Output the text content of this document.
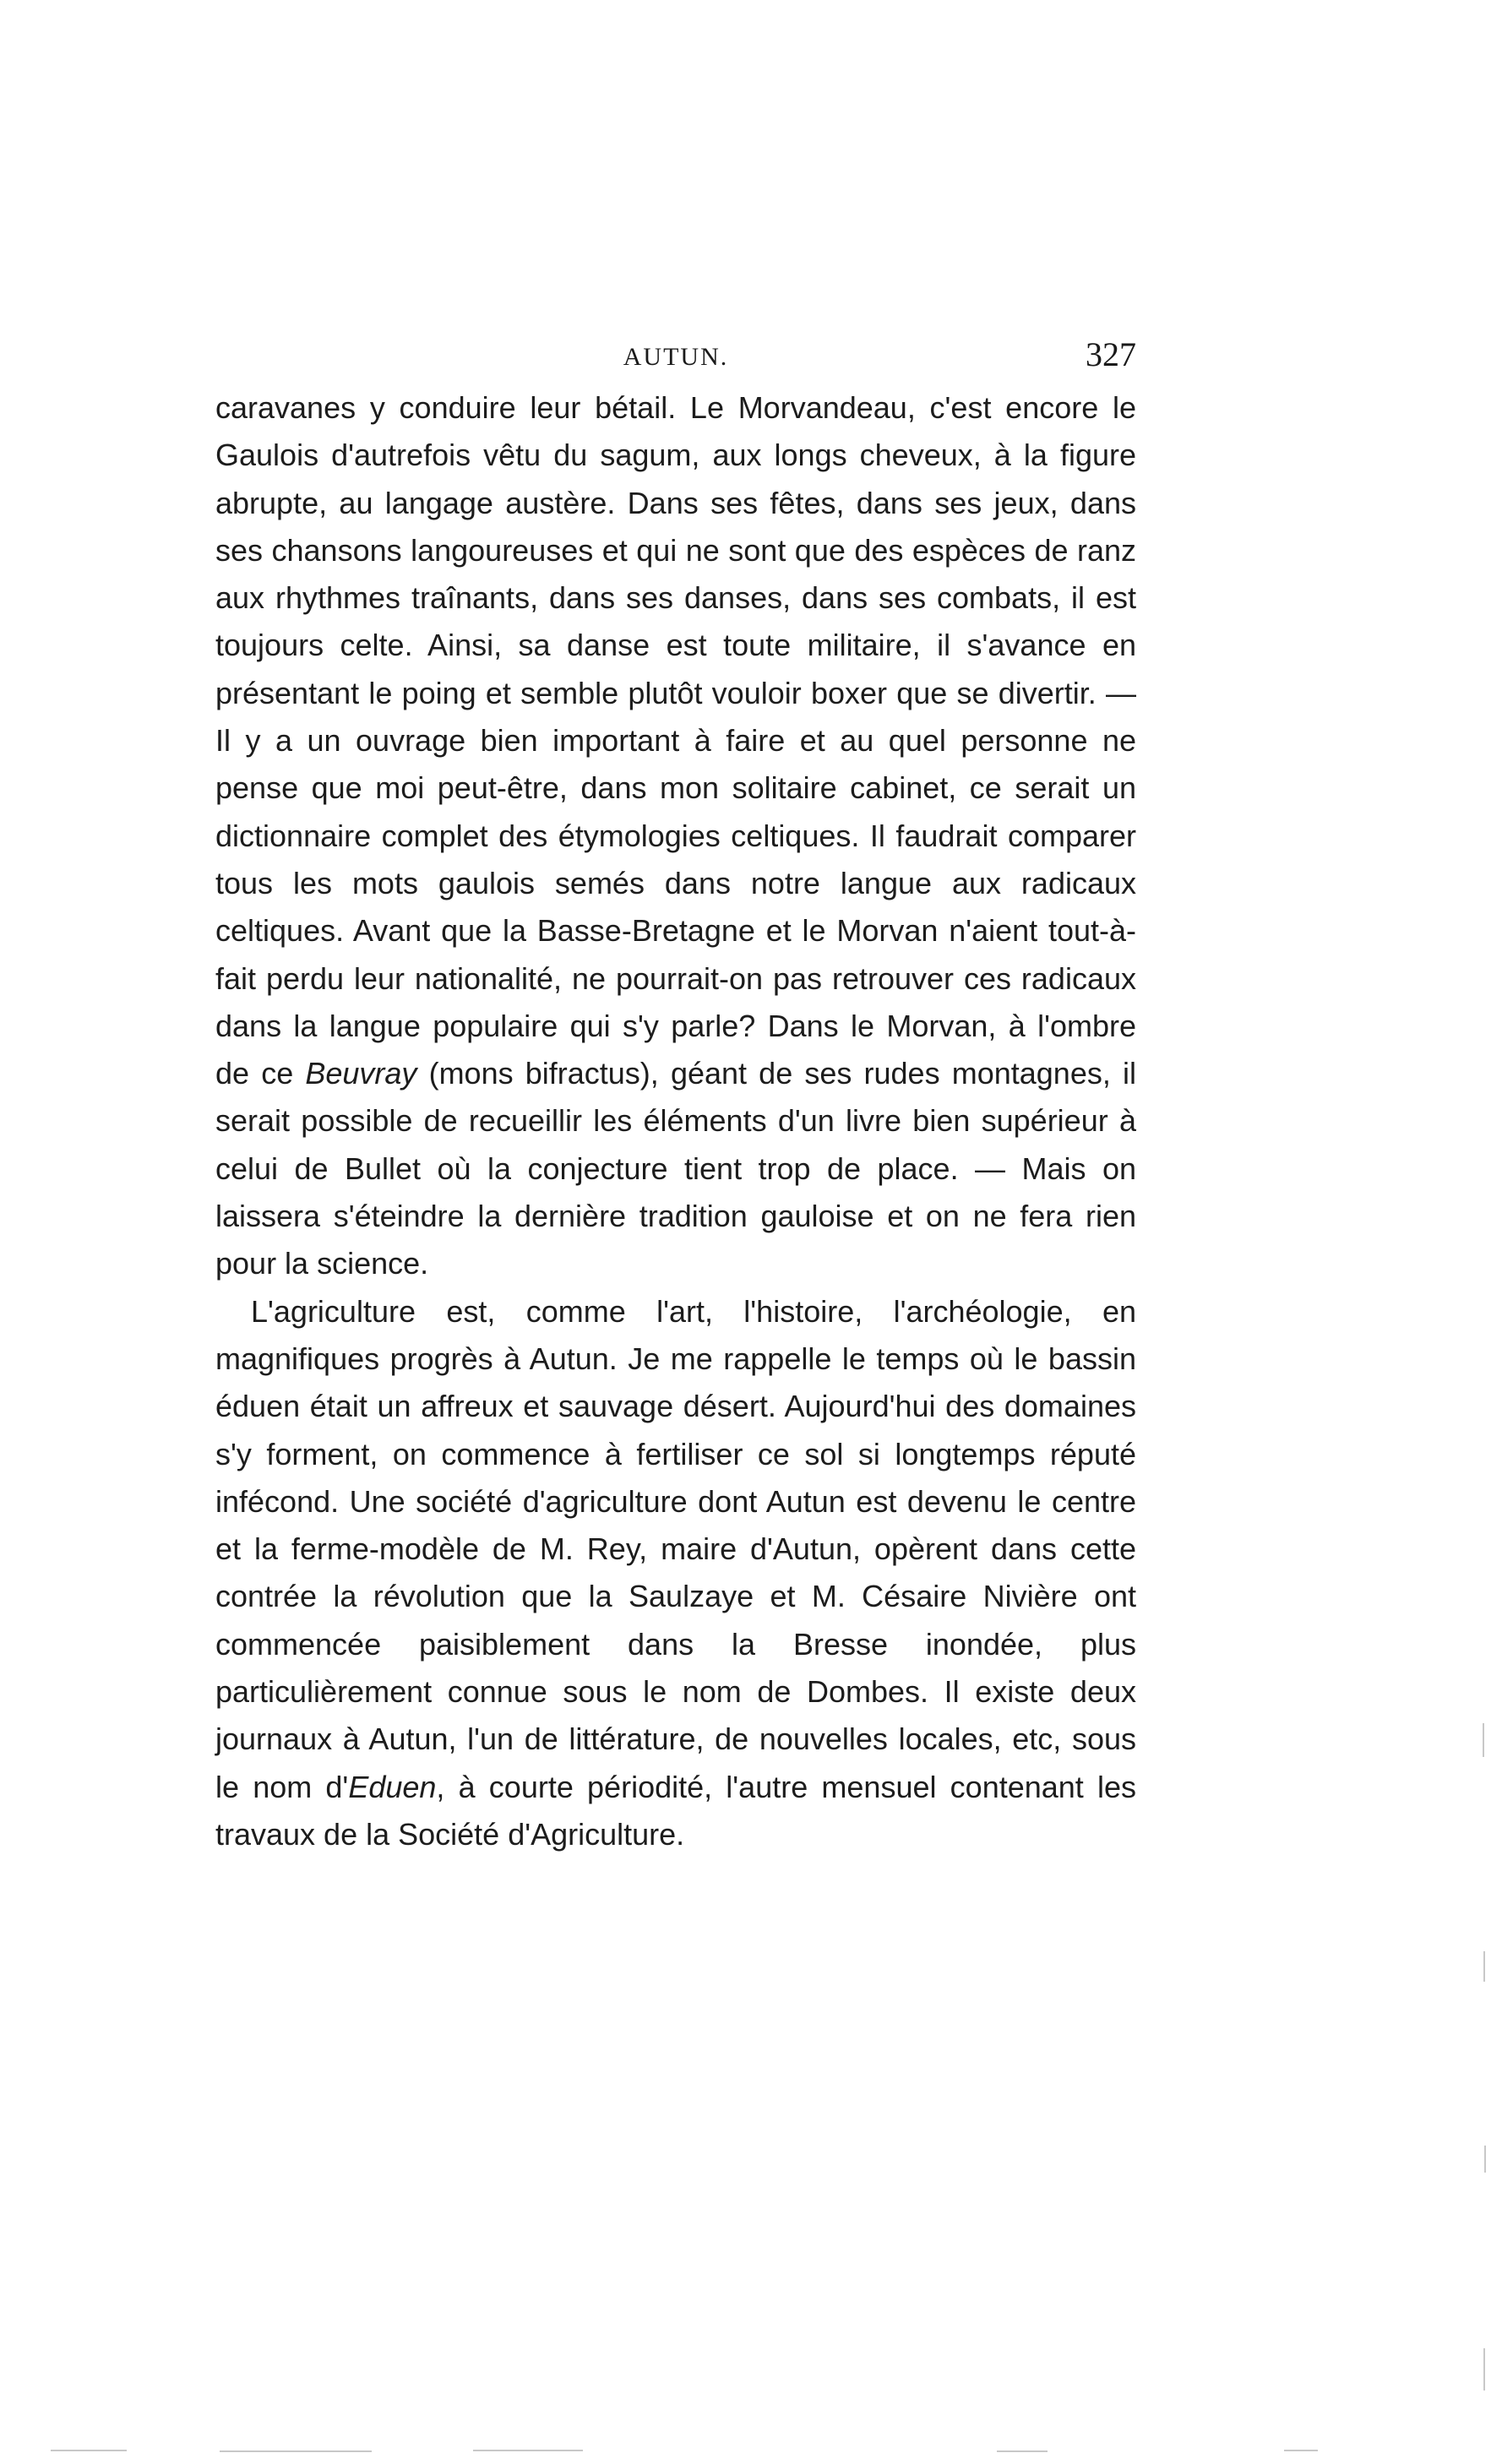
AUTUN.	327

caravanes y conduire leur bétail. Le Morvandeau, c'est encore le Gaulois d'autrefois vêtu du sagum, aux longs cheveux, à la figure abrupte, au langage austère. Dans ses fêtes, dans ses jeux, dans ses chansons langoureuses et qui ne sont que des espèces de ranz aux rhythmes traînants, dans ses danses, dans ses combats, il est toujours celte. Ainsi, sa danse est toute militaire, il s'avance en présentant le poing et semble plutôt vouloir boxer que se divertir. — Il y a un ouvrage bien important à faire et au quel personne ne pense que moi peut-être, dans mon solitaire cabinet, ce serait un dictionnaire complet des étymologies celtiques. Il faudrait comparer tous les mots gaulois semés dans notre langue aux radicaux celtiques. Avant que la Basse-Bretagne et le Morvan n'aient tout-à-fait perdu leur nationalité, ne pourrait-on pas retrouver ces radicaux dans la langue populaire qui s'y parle? Dans le Morvan, à l'ombre de ce Beuvray (mons bifractus), géant de ses rudes montagnes, il serait possible de recueillir les éléments d'un livre bien supérieur à celui de Bullet où la conjecture tient trop de place. — Mais on laissera s'éteindre la dernière tradition gauloise et on ne fera rien pour la science.

L'agriculture est, comme l'art, l'histoire, l'archéologie, en magnifiques progrès à Autun. Je me rappelle le temps où le bassin éduen était un affreux et sauvage désert. Aujourd'hui des domaines s'y forment, on commence à fertiliser ce sol si longtemps réputé infécond. Une société d'agriculture dont Autun est devenu le centre et la ferme-modèle de M. Rey, maire d'Autun, opèrent dans cette contrée la révolution que la Saulzaye et M. Césaire Nivière ont commencée paisiblement dans la Bresse inondée, plus particulièrement connue sous le nom de Dombes. Il existe deux journaux à Autun, l'un de littérature, de nouvelles locales, etc, sous le nom d'Eduen, à courte périodité, l'autre mensuel contenant les travaux de la Société d'Agriculture.
